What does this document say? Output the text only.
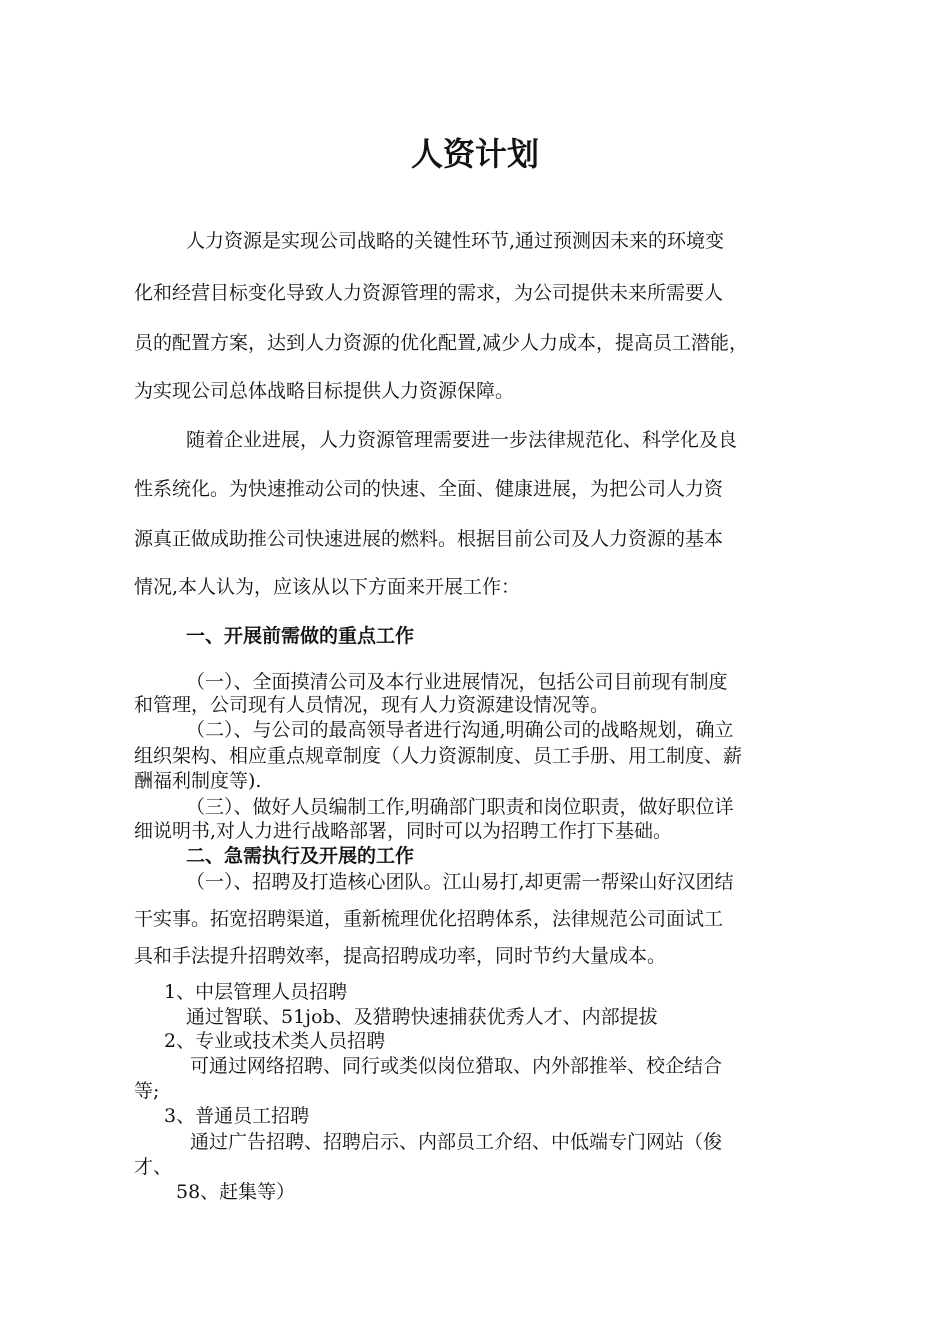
人资计划
人力资源是实现公司战略的关键性环节,通过预测因未来的环境变
化和经营目标变化导致人力资源管理的需求，为公司提供未来所需要人
员的配置方案，达到人力资源的优化配置,减少人力成本，提高员工潜能，
为实现公司总体战略目标提供人力资源保障。
随着企业进展，人力资源管理需要进一步法律规范化、科学化及良
性系统化。为快速推动公司的快速、全面、健康进展，为把公司人力资
源真正做成助推公司快速进展的燃料。根据目前公司及人力资源的基本
情况,本人认为，应该从以下方面来开展工作：
一、开展前需做的重点工作
（一）、全面摸清公司及本行业进展情况，包括公司目前现有制度
和管理，公司现有人员情况，现有人力资源建设情况等。
（二）、与公司的最高领导者进行沟通,明确公司的战略规划，确立
组织架构、相应重点规章制度（人力资源制度、员工手册、用工制度、薪
酬福利制度等).
（三）、做好人员编制工作,明确部门职责和岗位职责，做好职位详
细说明书,对人力进行战略部署，同时可以为招聘工作打下基础。
二、急需执行及开展的工作
（一）、招聘及打造核心团队。江山易打,却更需一帮梁山好汉团结
干实事。拓宽招聘渠道，重新梳理优化招聘体系，法律规范公司面试工
具和手法提升招聘效率，提高招聘成功率，同时节约大量成本。
1、中层管理人员招聘
通过智联、51job、及猎聘快速捕获优秀人才、内部提拔
2、专业或技术类人员招聘
可通过网络招聘、同行或类似岗位猎取、内外部推举、校企结合
等;
3、普通员工招聘
通过广告招聘、招聘启示、内部员工介绍、中低端专门网站（俊
才、
58、赶集等）
